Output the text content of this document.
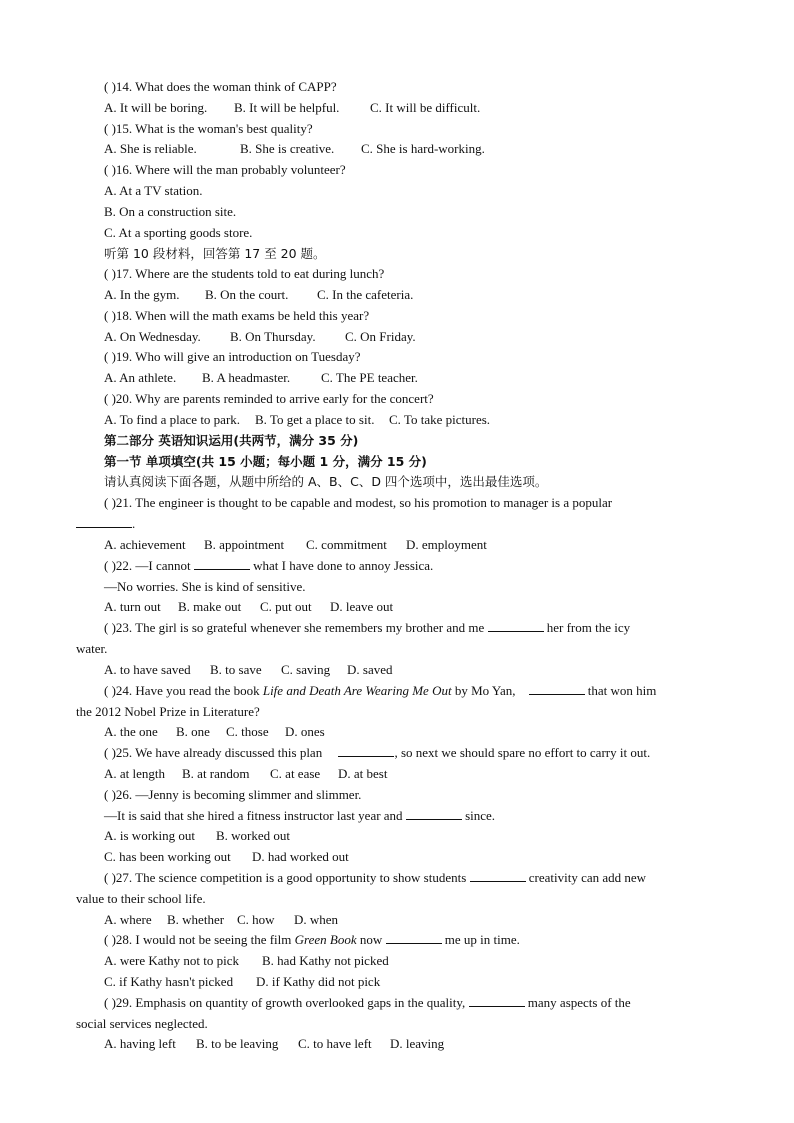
( )14. What does the woman think of CAPP?
A. It will be boring. B. It will be helpful. C. It will be difficult.
( )15. What is the woman's best quality?
A. She is reliable.	B. She is creative. C. She is hard-working.
( )16. Where will the man probably volunteer?
A. At a TV station.
B. On a construction site.
C. At a sporting goods store.
听第 10 段材料，回答第 17 至 20 题。
( )17. Where are the students told to eat during lunch?
A. In the gym. B. On the court. C. In the cafeteria.
( )18. When will the math exams be held this year?
A. On Wednesday. B. On Thursday. C. On Friday.
( )19. Who will give an introduction on Tuesday?
A. An athlete. B. A headmaster. C. The PE teacher.
( )20. Why are parents reminded to arrive early for the concert?
A. To find a place to park. B. To get a place to sit. C. To take pictures.
第二部分 英语知识运用(共两节，满分 35 分)
第一节 单项填空(共 15 小题；每小题 1 分，满分 15 分)
请认真阅读下面各题，从题中所给的 A、B、C、D 四个选项中，选出最佳选项。
( )21. The engineer is thought to be capable and modest, so his promotion to manager is a popular
.
A. achievement B. appointment C. commitment D. employment
( )22. —I cannot	what I have done to annoy Jessica.
—No worries. She is kind of sensitive.
A. turn out B. make out C. put out D. leave out
( )23. The girl is so grateful whenever she remembers my brother and me	her from the icy
water.
A. to have saved B. to save C. saving D. saved
( )24. Have you read the book Life and Death Are Wearing Me Out by Mo Yan,	that won him
the 2012 Nobel Prize in Literature?
A. the one B. one C. those D. ones
( )25. We have already discussed this plan	, so next we should spare no effort to carry it out.
A. at length B. at random C. at ease D. at best
( )26. —Jenny is becoming slimmer and slimmer.
—It is said that she hired a fitness instructor last year and	since.
A. is working out B. worked out
C. has been working out D. had worked out
( )27. The science competition is a good opportunity to show students	creativity can add new
value to their school life.
A. where B. whether C. how D. when
( )28. I would not be seeing the film Green Book now	me up in time.
A. were Kathy not to pick B. had Kathy not picked
C. if Kathy hasn't picked D. if Kathy did not pick
( )29. Emphasis on quantity of growth overlooked gaps in the quality,	many aspects of the
social services neglected.
A. having left B. to be leaving C. to have left D. leaving
